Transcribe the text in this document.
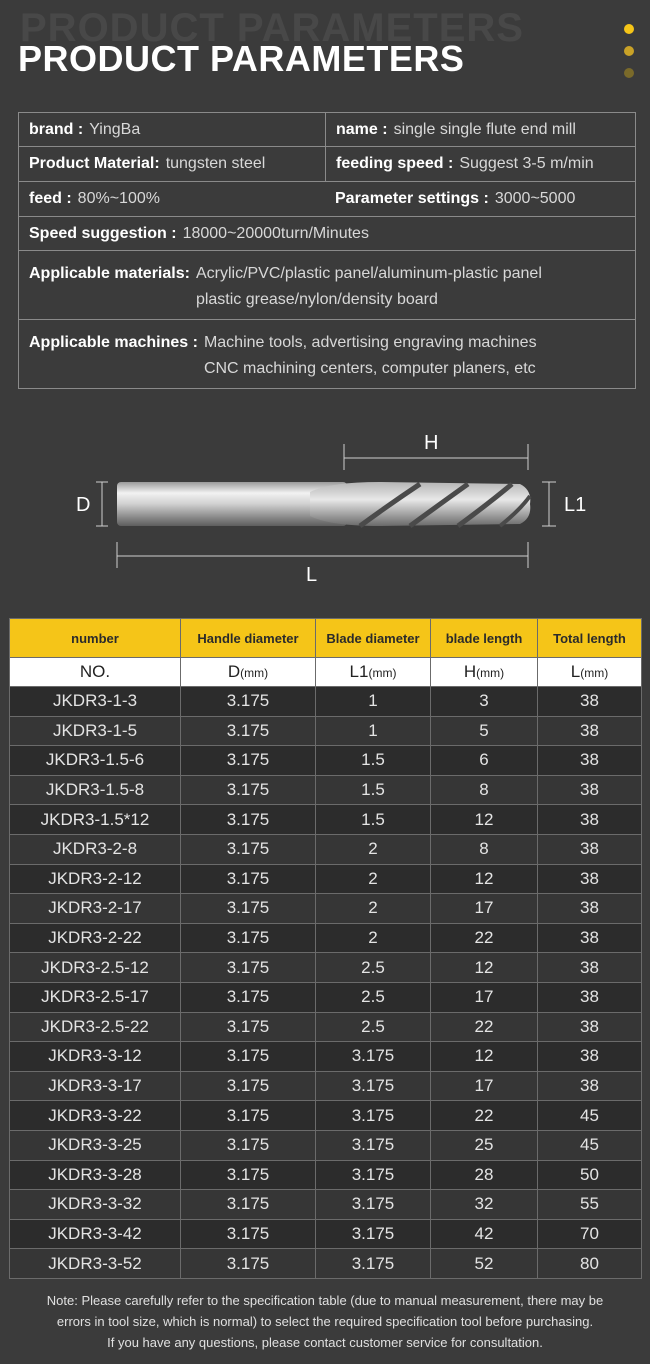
PRODUCT PARAMETERS
PRODUCT PARAMETERS
brand : YingBa	name : single single flute end mill
Product Material: tungsten steel	feeding speed : Suggest 3-5 m/min
feed : 80%~100%	Parameter settings : 3000~5000
Speed suggestion : 18000~20000turn/Minutes
Applicable materials: Acrylic/PVC/plastic panel/aluminum-plastic panel
plastic grease/nylon/density board
Applicable machines : Machine tools, advertising engraving machines
CNC machining centers, computer planers, etc
H
D	L1
L
number	Handle diameter	Blade diameter	blade length	Total length
NO.	D(mm)	L1(mm)	H(mm)	L(mm)
JKDR3-1-3	3.175	1	3	38
JKDR3-1-5	3.175	1	5	38
JKDR3-1.5-6	3.175	1.5	6	38
JKDR3-1.5-8	3.175	1.5	8	38
JKDR3-1.5*12	3.175	1.5	12	38
JKDR3-2-8	3.175	2	8	38
JKDR3-2-12	3.175	2	12	38
JKDR3-2-17	3.175	2	17	38
JKDR3-2-22	3.175	2	22	38
JKDR3-2.5-12	3.175	2.5	12	38
JKDR3-2.5-17	3.175	2.5	17	38
JKDR3-2.5-22	3.175	2.5	22	38
JKDR3-3-12	3.175	3.175	12	38
JKDR3-3-17	3.175	3.175	17	38
JKDR3-3-22	3.175	3.175	22	45
JKDR3-3-25	3.175	3.175	25	45
JKDR3-3-28	3.175	3.175	28	50
JKDR3-3-32	3.175	3.175	32	55
JKDR3-3-42	3.175	3.175	42	70
JKDR3-3-52	3.175	3.175	52	80
Note: Please carefully refer to the specification table (due to manual measurement, there may be
errors in tool size, which is normal) to select the required specification tool before purchasing.
If you have any questions, please contact customer service for consultation.
